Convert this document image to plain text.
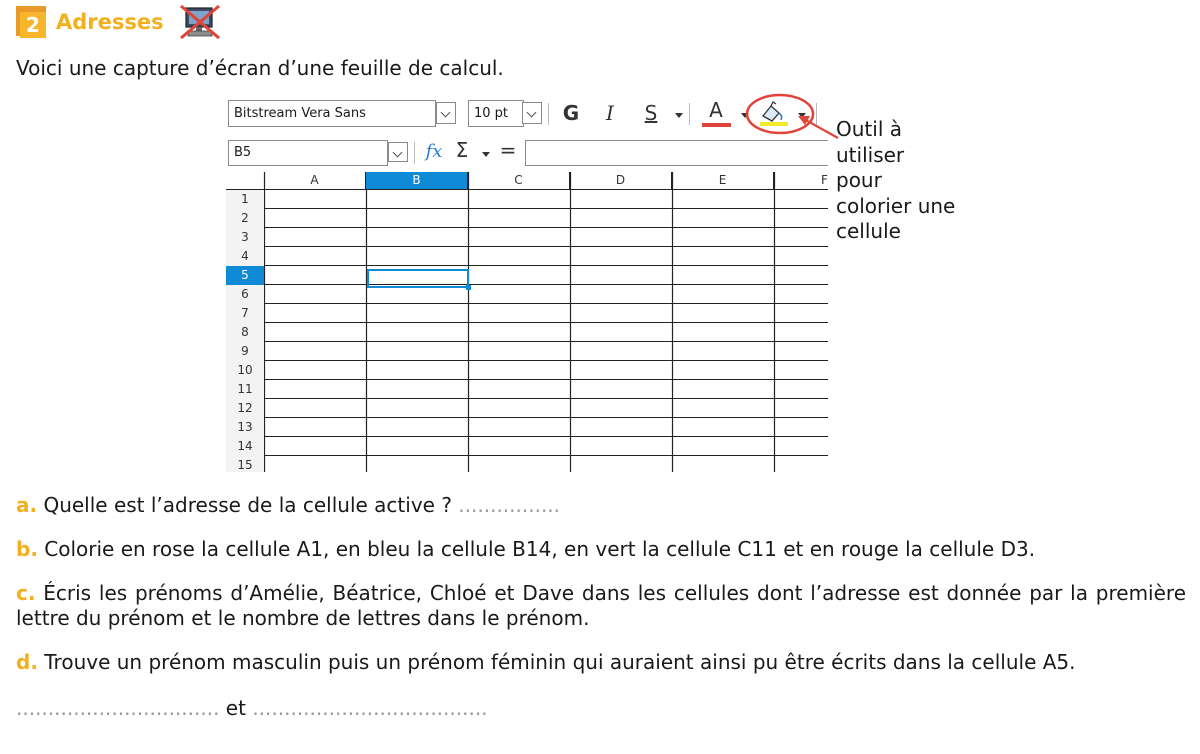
2 Adresses
Voici une capture d’écran d’une feuille de calcul.
Bitstream Vera Sans	10 pt	G	I	S	A
B5	fx Σ =
A	B	C	D	E	F
1
2
3
4
5
6
7
8
9
10
11
12
13
14
15
Outil à
utiliser
pour
colorier une
cellule
a. Quelle est l’adresse de la cellule active ? ................
b. Colorie en rose la cellule A1, en bleu la cellule B14, en vert la cellule C11 et en rouge la cellule D3.
c. Écris les prénoms d’Amélie, Béatrice, Chloé et Dave dans les cellules dont l’adresse est donnée par la première lettre du prénom et le nombre de lettres dans le prénom.
d. Trouve un prénom masculin puis un prénom féminin qui auraient ainsi pu être écrits dans la cellule A5.
................................ et .....................................
